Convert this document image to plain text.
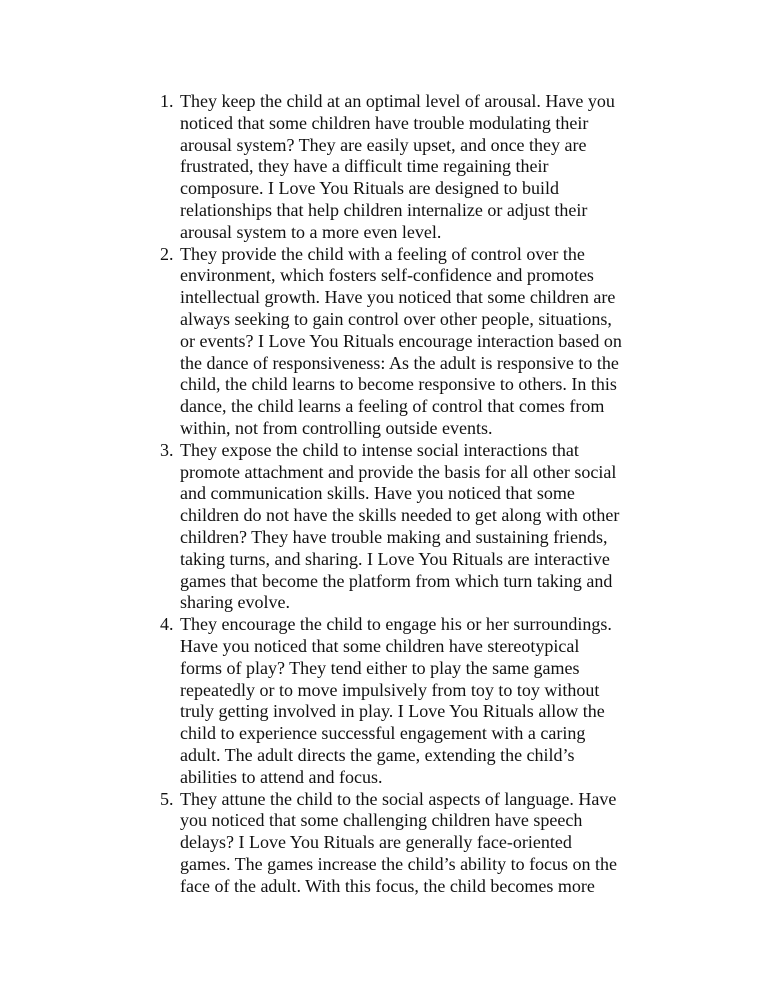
1. They keep the child at an optimal level of arousal. Have you
noticed that some children have trouble modulating their
arousal system? They are easily upset, and once they are
frustrated, they have a difficult time regaining their
composure. I Love You Rituals are designed to build
relationships that help children internalize or adjust their
arousal system to a more even level.
2. They provide the child with a feeling of control over the
environment, which fosters self-confidence and promotes
intellectual growth. Have you noticed that some children are
always seeking to gain control over other people, situations,
or events? I Love You Rituals encourage interaction based on
the dance of responsiveness: As the adult is responsive to the
child, the child learns to become responsive to others. In this
dance, the child learns a feeling of control that comes from
within, not from controlling outside events.
3. They expose the child to intense social interactions that
promote attachment and provide the basis for all other social
and communication skills. Have you noticed that some
children do not have the skills needed to get along with other
children? They have trouble making and sustaining friends,
taking turns, and sharing. I Love You Rituals are interactive
games that become the platform from which turn taking and
sharing evolve.
4. They encourage the child to engage his or her surroundings.
Have you noticed that some children have stereotypical
forms of play? They tend either to play the same games
repeatedly or to move impulsively from toy to toy without
truly getting involved in play. I Love You Rituals allow the
child to experience successful engagement with a caring
adult. The adult directs the game, extending the child’s
abilities to attend and focus.
5. They attune the child to the social aspects of language. Have
you noticed that some challenging children have speech
delays? I Love You Rituals are generally face-oriented
games. The games increase the child’s ability to focus on the
face of the adult. With this focus, the child becomes more
